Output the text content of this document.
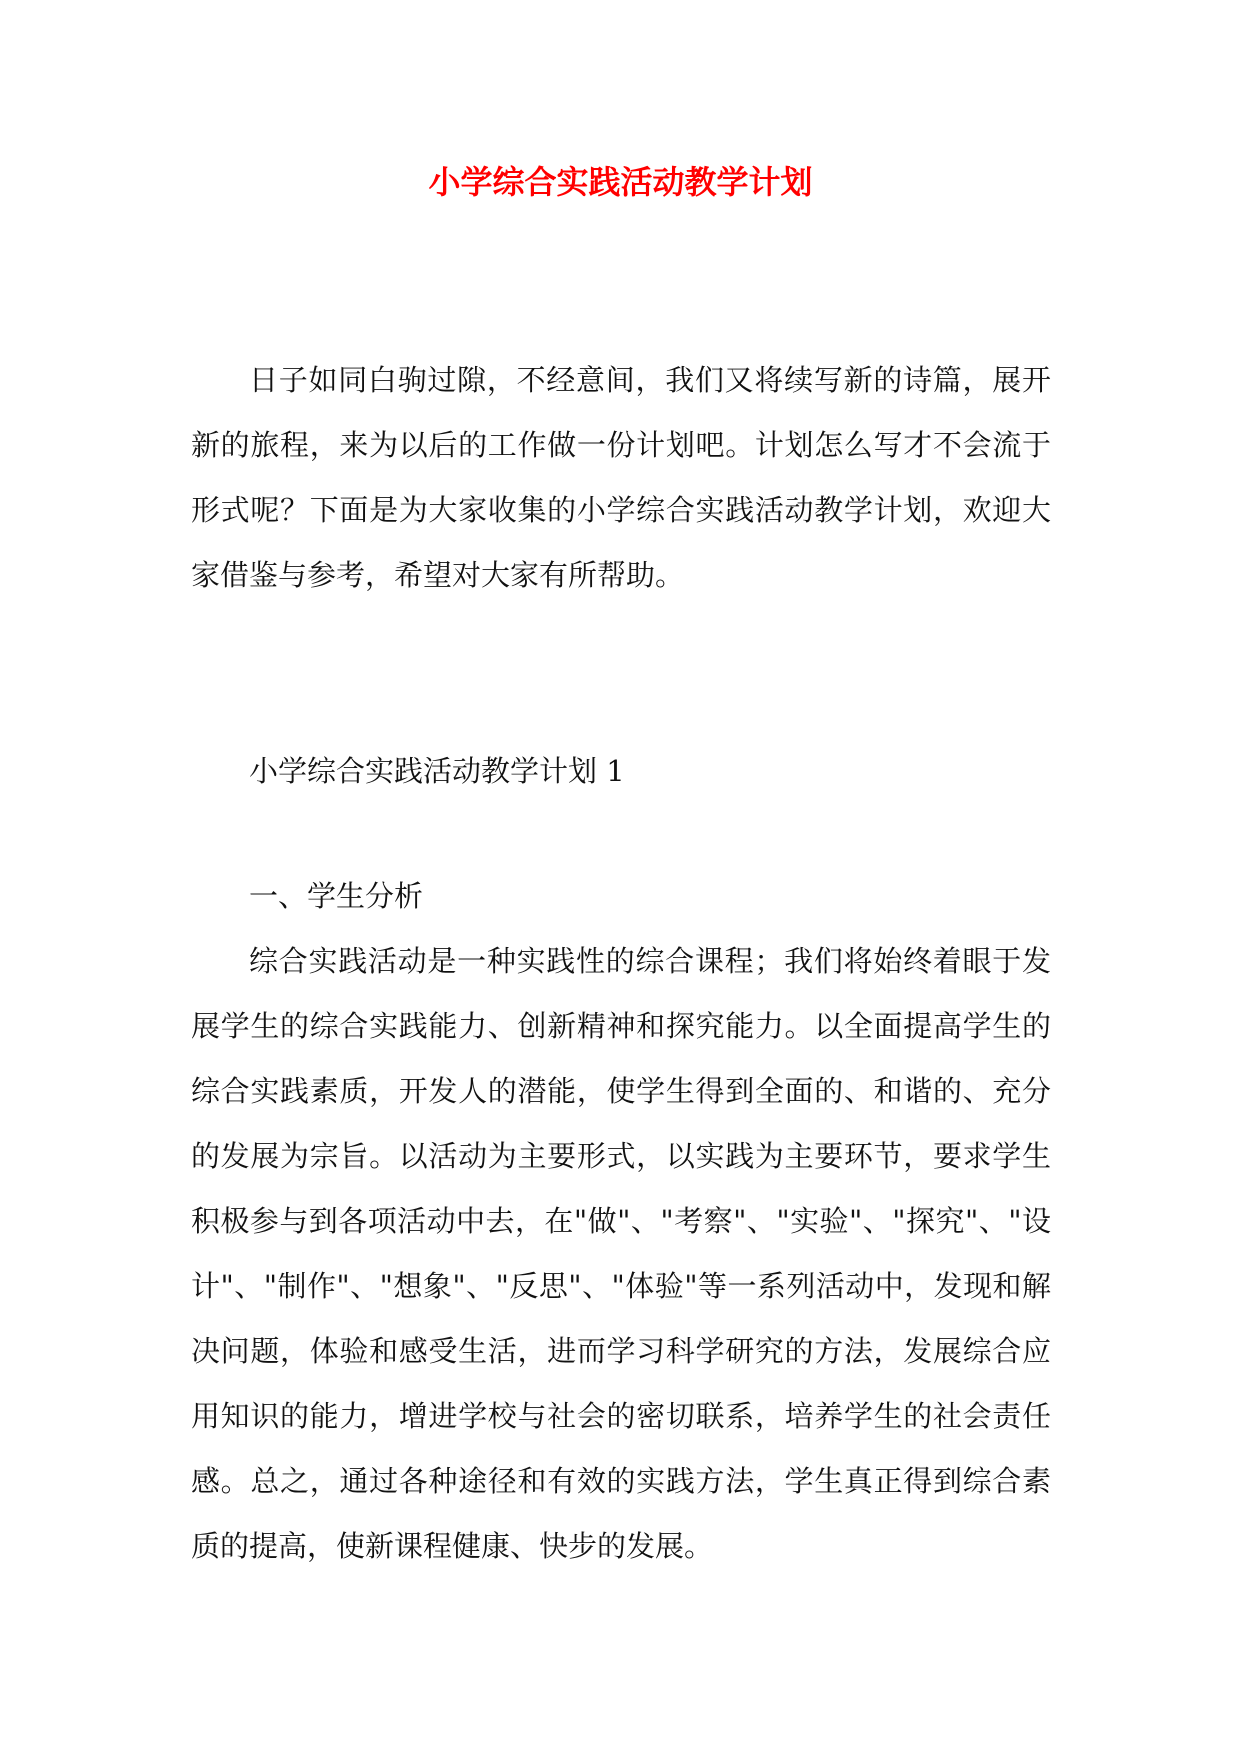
小学综合实践活动教学计划

日子如同白驹过隙，不经意间，我们又将续写新的诗篇，展开新的旅程，来为以后的工作做一份计划吧。计划怎么写才不会流于形式呢？下面是为大家收集的小学综合实践活动教学计划，欢迎大家借鉴与参考，希望对大家有所帮助。

小学综合实践活动教学计划 1

一、学生分析

综合实践活动是一种实践性的综合课程；我们将始终着眼于发展学生的综合实践能力、创新精神和探究能力。以全面提高学生的综合实践素质，开发人的潜能，使学生得到全面的、和谐的、充分的发展为宗旨。以活动为主要形式，以实践为主要环节，要求学生积极参与到各项活动中去，在"做"、"考察"、"实验"、"探究"、"设计"、"制作"、"想象"、"反思"、"体验"等一系列活动中，发现和解决问题，体验和感受生活，进而学习科学研究的方法，发展综合应用知识的能力，增进学校与社会的密切联系，培养学生的社会责任感。总之，通过各种途径和有效的实践方法，学生真正得到综合素质的提高，使新课程健康、快步的发展。
